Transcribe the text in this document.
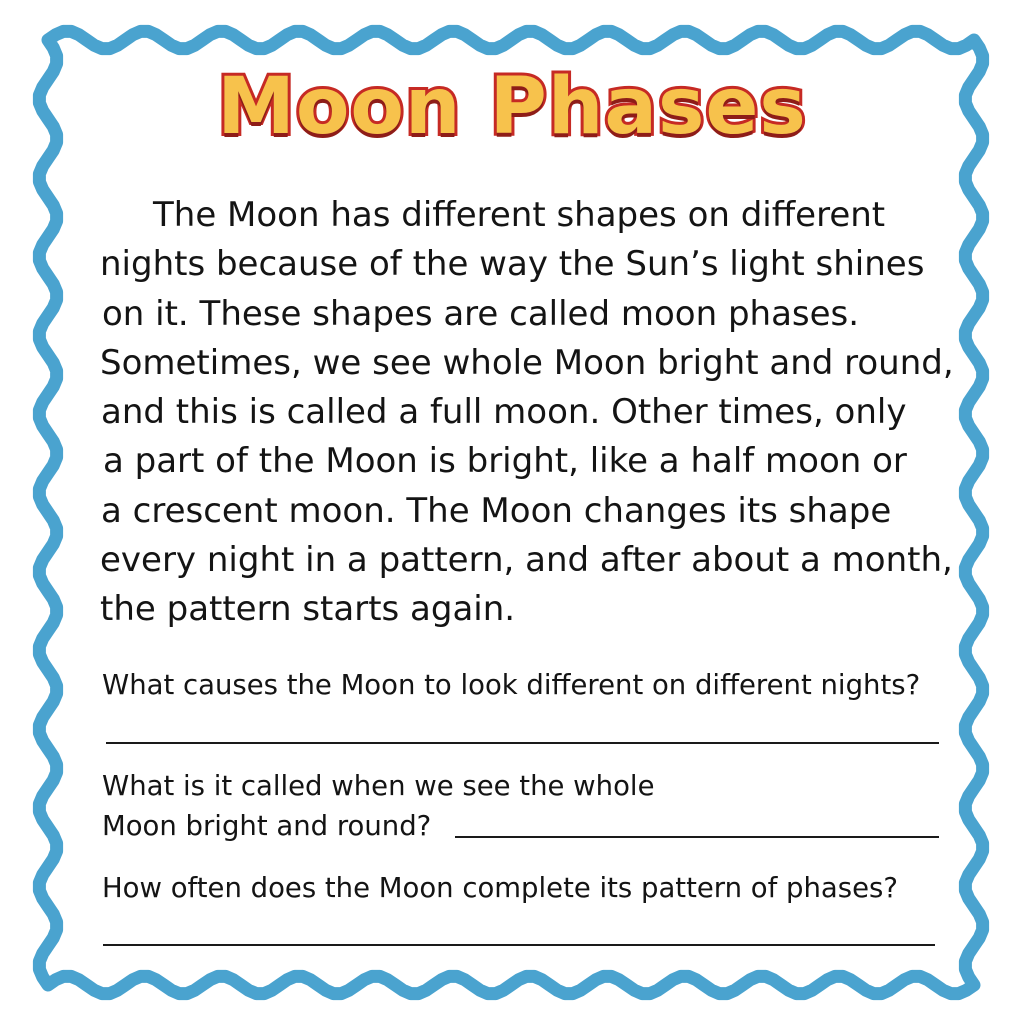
Moon Phases
The Moon has different shapes on different
nights because of the way the Sun’s light shines
on it. These shapes are called moon phases.
Sometimes, we see whole Moon bright and round,
and this is called a full moon. Other times, only
a part of the Moon is bright, like a half moon or
a crescent moon. The Moon changes its shape
every night in a pattern, and after about a month,
the pattern starts again.
What causes the Moon to look different on different nights?
What is it called when we see the whole
Moon bright and round?
How often does the Moon complete its pattern of phases?
